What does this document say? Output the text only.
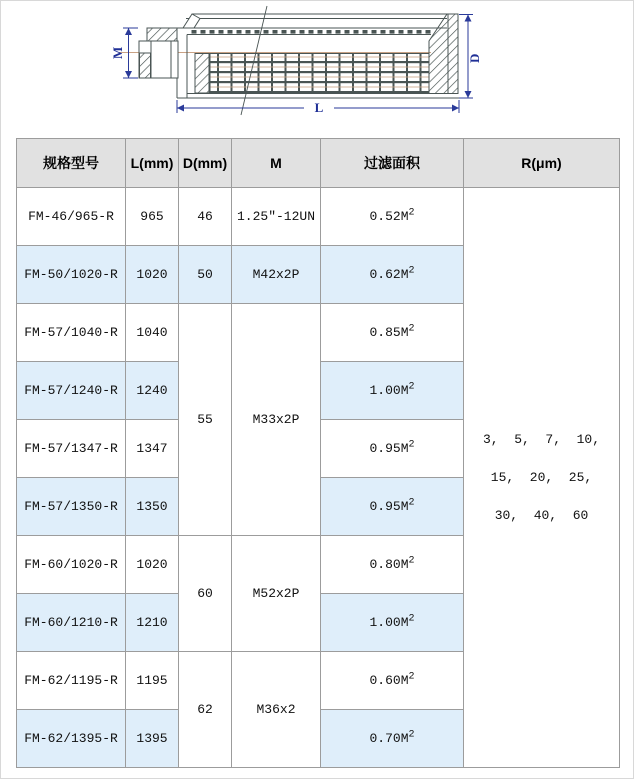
M	D
L
规格型号	L(mm)	D(mm)	M	过滤面积	R(μm)
FM-46/965-R	965	46	1.25"-12UN	$0.52M^2$	3,  5,  7,  10,
15,  20,  25,
30,  40,  60

FM-50/1020-R	1020	50	M42x2P	$0.62M^2$
FM-57/1040-R	1040	55	M33x2P	$0.85M^2$
FM-57/1240-R	1240			$1.00M^2$
FM-57/1347-R	1347			$0.95M^2$
FM-57/1350-R	1350			$0.95M^2$
FM-60/1020-R	1020	60	M52x2P	$0.80M^2$
FM-60/1210-R	1210			$1.00M^2$
FM-62/1195-R	1195	62	M36x2	$0.60M^2$
FM-62/1395-R	1395			$0.70M^2$
